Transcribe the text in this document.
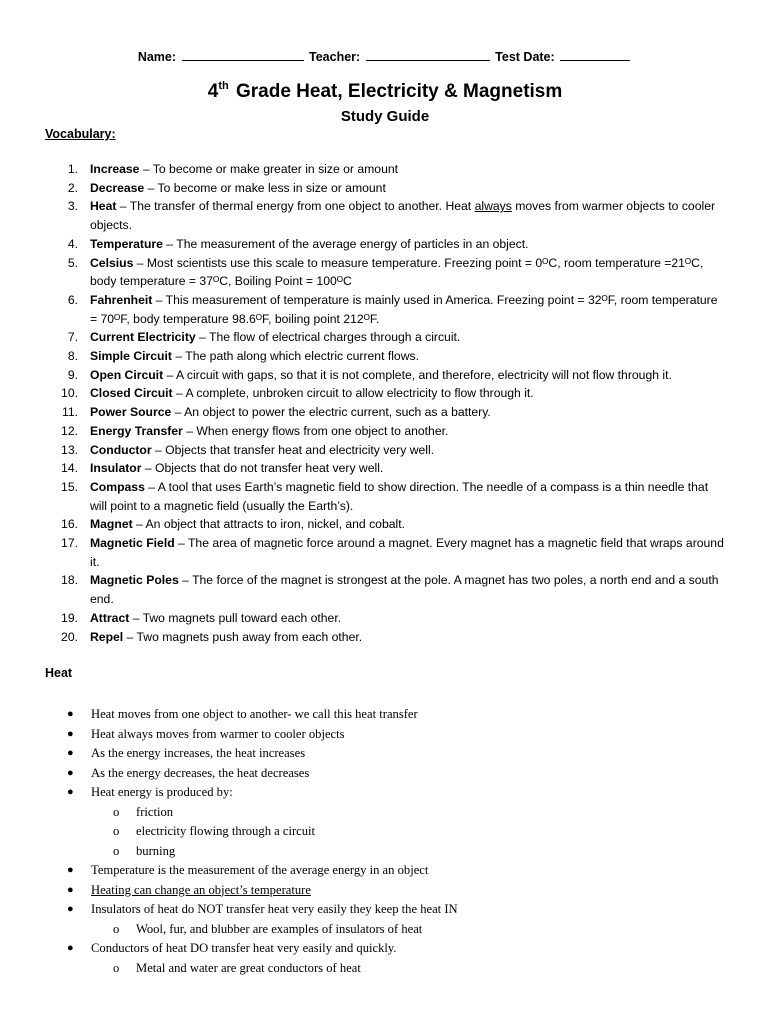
Name:	Teacher:	Test Date:
4th Grade Heat, Electricity & Magnetism
Study Guide
Vocabulary:
1. Increase – To become or make greater in size or amount
2. Decrease – To become or make less in size or amount
3. Heat – The transfer of thermal energy from one object to another. Heat always moves from warmer objects to cooler objects.
4. Temperature – The measurement of the average energy of particles in an object.
5. Celsius – Most scientists use this scale to measure temperature. Freezing point = 0ᴼC, room temperature =21ᴼC, body temperature = 37ᴼC, Boiling Point = 100ᴼC
6. Fahrenheit – This measurement of temperature is mainly used in America. Freezing point = 32ᴼF, room temperature = 70ᴼF, body temperature 98.6ᴼF, boiling point 212ᴼF.
7. Current Electricity – The flow of electrical charges through a circuit.
8. Simple Circuit – The path along which electric current flows.
9. Open Circuit – A circuit with gaps, so that it is not complete, and therefore, electricity will not flow through it.
10. Closed Circuit – A complete, unbroken circuit to allow electricity to flow through it.
11. Power Source – An object to power the electric current, such as a battery.
12. Energy Transfer – When energy flows from one object to another.
13. Conductor – Objects that transfer heat and electricity very well.
14. Insulator – Objects that do not transfer heat very well.
15. Compass – A tool that uses Earth’s magnetic field to show direction. The needle of a compass is a thin needle that will point to a magnetic field (usually the Earth’s).
16. Magnet – An object that attracts to iron, nickel, and cobalt.
17. Magnetic Field – The area of magnetic force around a magnet. Every magnet has a magnetic field that wraps around it.
18. Magnetic Poles – The force of the magnet is strongest at the pole. A magnet has two poles, a north end and a south end.
19. Attract – Two magnets pull toward each other.
20. Repel – Two magnets push away from each other.
Heat
● Heat moves from one object to another- we call this heat transfer
● Heat always moves from warmer to cooler objects
● As the energy increases, the heat increases
● As the energy decreases, the heat decreases
● Heat energy is produced by:
o friction
o electricity flowing through a circuit
o burning
● Temperature is the measurement of the average energy in an object
● Heating can change an object’s temperature
● Insulators of heat do NOT transfer heat very easily they keep the heat IN
o Wool, fur, and blubber are examples of insulators of heat
● Conductors of heat DO transfer heat very easily and quickly.
o Metal and water are great conductors of heat
